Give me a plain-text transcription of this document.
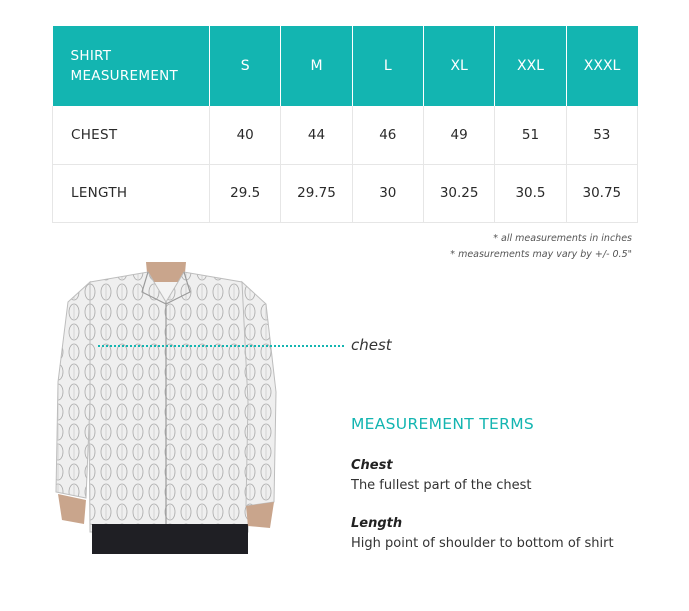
SHIRT
MEASUREMENT	S	M	L	XL	XXL	XXXL
CHEST	40	44	46	49	51	53
LENGTH	29.5	29.75	30	30.25	30.5	30.75
* all measurements in inches
* measurements may vary by +/- 0.5"
chest
MEASUREMENT TERMS
Chest
The fullest part of the chest
Length
High point of shoulder to bottom of shirt
